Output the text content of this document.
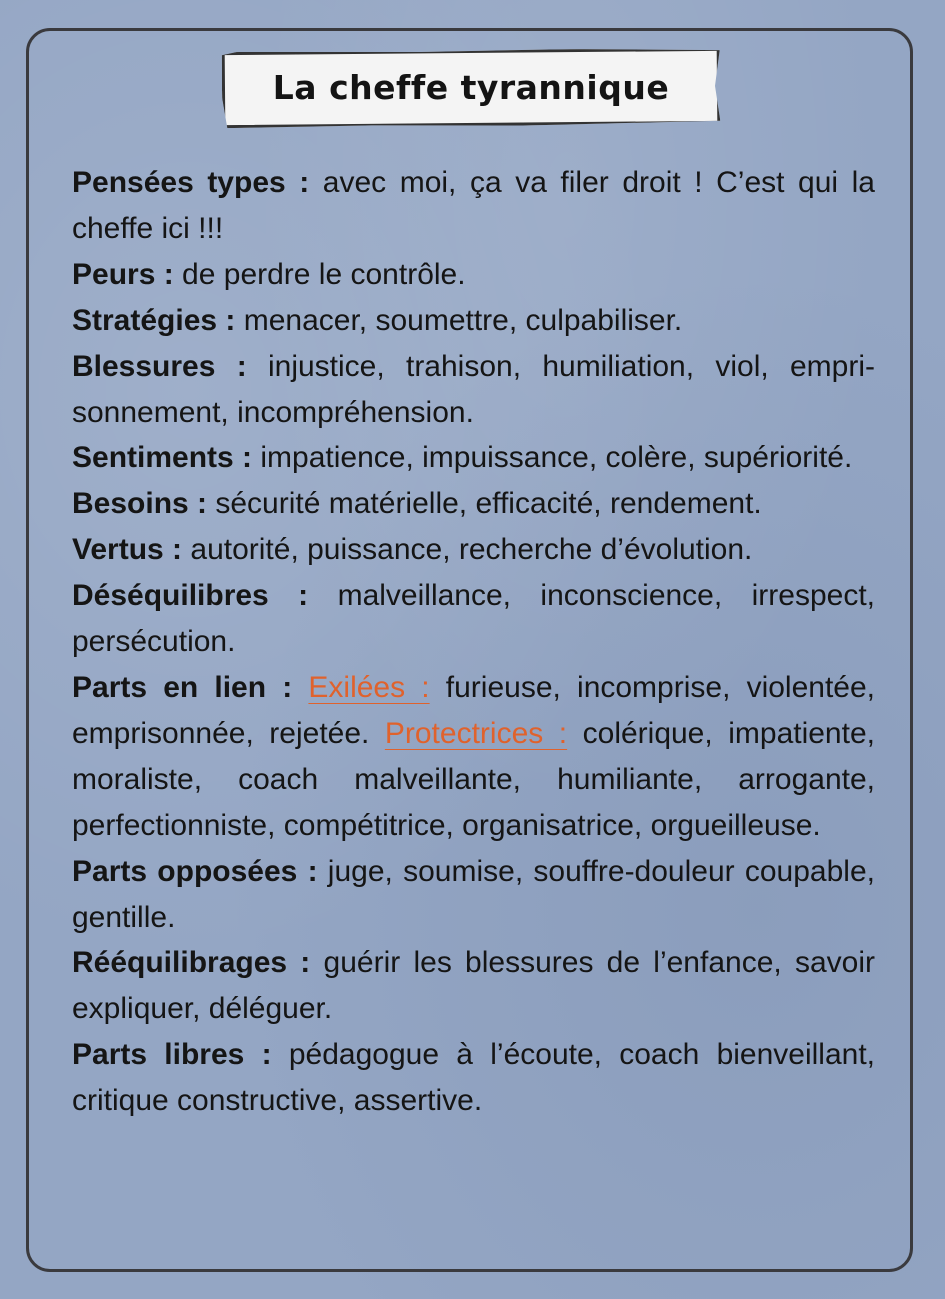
La cheffe tyrannique

Pensées types : avec moi, ça va filer droit ! C’est qui la cheffe ici !!!

Peurs : de perdre le contrôle.

Stratégies : menacer, soumettre, culpabiliser.

Blessures : injustice, trahison, humiliation, viol, emprisonnement, incompréhension.

Sentiments : impatience, impuissance, colère, supériorité.

Besoins : sécurité matérielle, efficacité, rendement.

Vertus : autorité, puissance, recherche d’évolution.

Déséquilibres : malveillance, inconscience, irrespect, persécution.

Parts en lien : Exilées : furieuse, incomprise, violentée, emprisonnée, rejetée. Protectrices : colérique, impatiente, moraliste, coach malveillante, humiliante, arrogante, perfectionniste, compétitrice, organisatrice, orgueilleuse.

Parts opposées : juge, soumise, souffre-douleur coupable, gentille.

Rééquilibrages : guérir les blessures de l’enfance, savoir expliquer, déléguer.

Parts libres : pédagogue à l’écoute, coach bienveillant, critique constructive, assertive.
